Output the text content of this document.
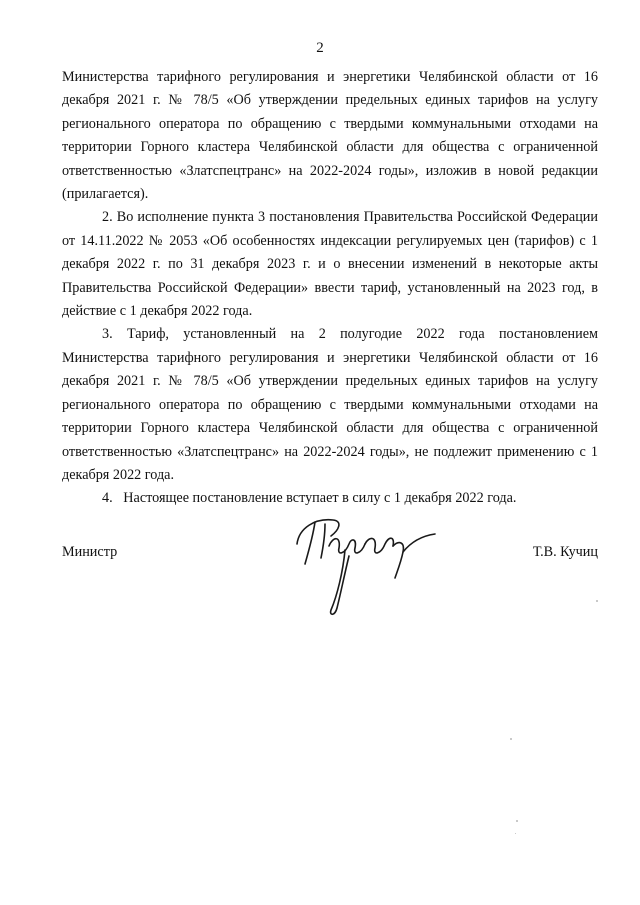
2

Министерства тарифного регулирования и энергетики Челябинской области от 16 декабря 2021 г. № 78/5 «Об утверждении предельных единых тарифов на услугу регионального оператора по обращению с твердыми коммунальными отходами на территории Горного кластера Челябинской области для общества с ограниченной ответственностью «Златспецтранс» на 2022-2024 годы», изложив в новой редакции (прилагается).

2. Во исполнение пункта 3 постановления Правительства Российской Федерации от 14.11.2022 № 2053 «Об особенностях индексации регулируемых цен (тарифов) с 1 декабря 2022 г. по 31 декабря 2023 г. и о внесении изменений в некоторые акты Правительства Российской Федерации» ввести тариф, установленный на 2023 год, в действие с 1 декабря 2022 года.

3. Тариф, установленный на 2 полугодие 2022 года постановлением Министерства тарифного регулирования и энергетики Челябинской области от 16 декабря 2021 г. № 78/5 «Об утверждении предельных единых тарифов на услугу регионального оператора по обращению с твердыми коммунальными отходами на территории Горного кластера Челябинской области для общества с ограниченной ответственностью «Златспецтранс» на 2022-2024 годы», не подлежит применению с 1 декабря 2022 года.

4.   Настоящее постановление вступает в силу с 1 декабря 2022 года.

Министр	Т.В. Кучиц
